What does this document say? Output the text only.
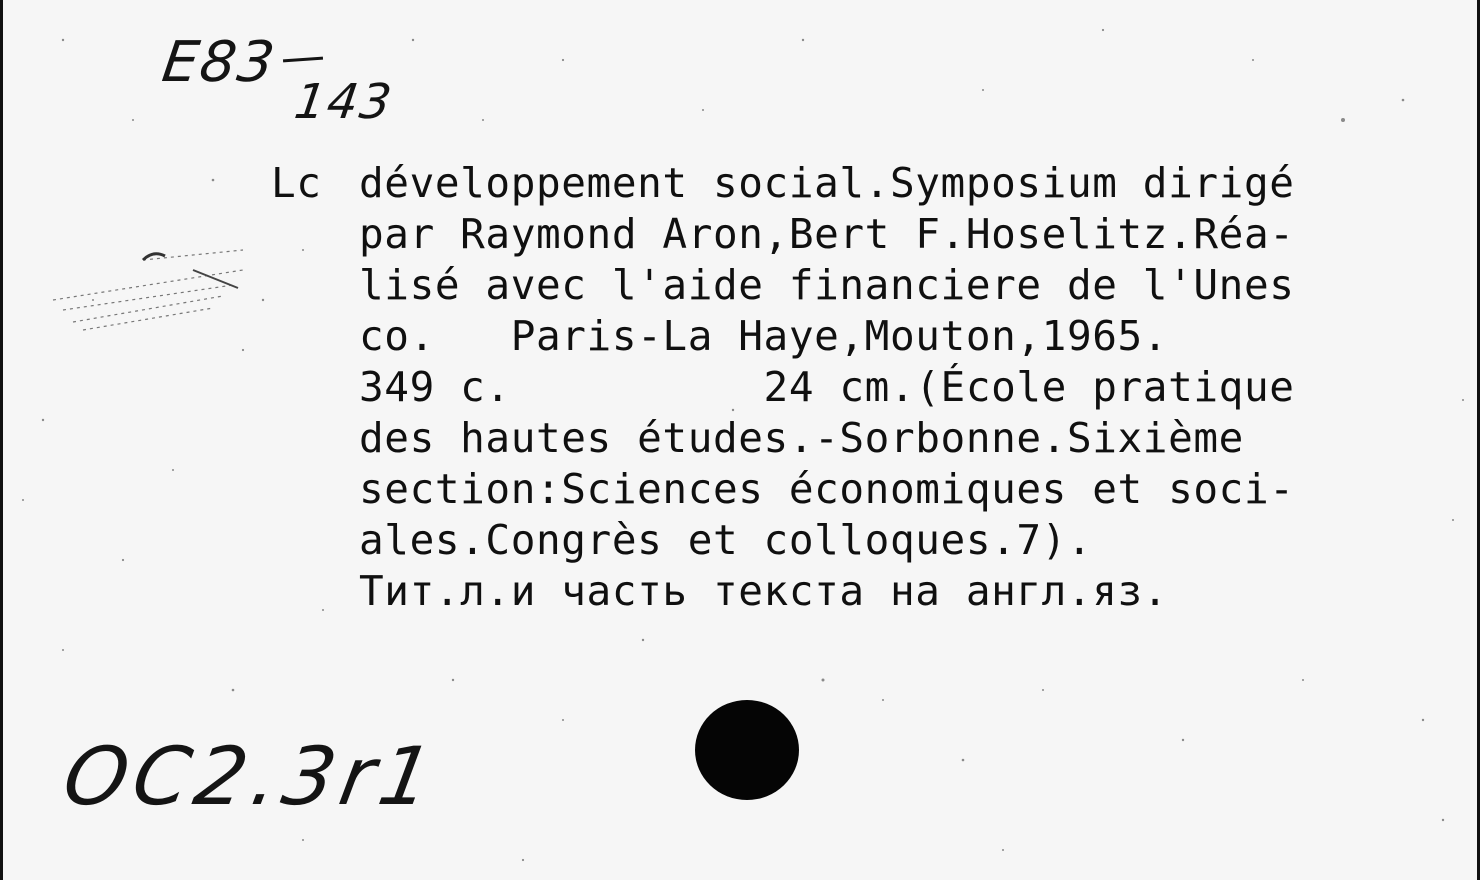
E83
143
Lc développement social.Symposium dirigé
par Raymond Aron,Bert F.Hoselitz.Réa-
lisé avec l'aide financiere de l'Unes
co.   Paris-La Haye,Mouton,1965.
349 c.          24 cm.(École pratique
des hautes études.-Sorbonne.Sixième
section:Sciences économiques et soci-
ales.Congrès et colloques.7).
Тит.л.и часть текста на англ.яз.
OC2.3r1
